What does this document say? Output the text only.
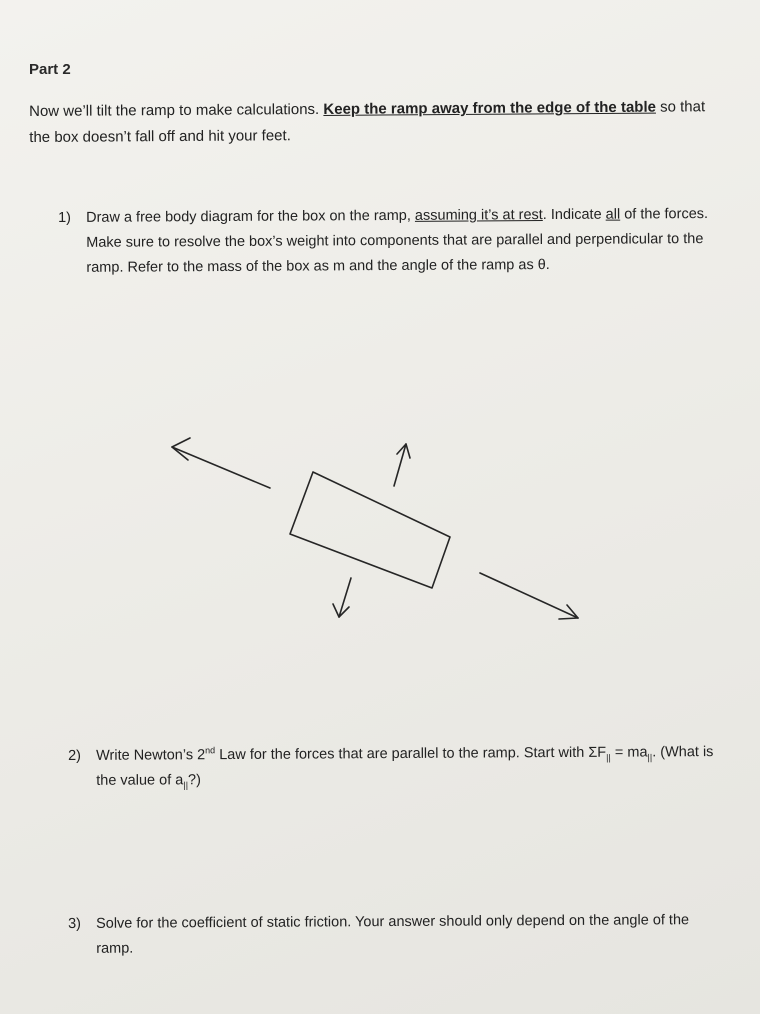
Part 2
Now we’ll tilt the ramp to make calculations. Keep the ramp away from the edge of the table so that the box doesn’t fall off and hit your feet.
1) Draw a free body diagram for the box on the ramp, assuming it’s at rest. Indicate all of the forces. Make sure to resolve the box’s weight into components that are parallel and perpendicular to the ramp. Refer to the mass of the box as m and the angle of the ramp as θ.
2) Write Newton’s 2nd Law for the forces that are parallel to the ramp. Start with $\Sigma F_{||} = ma_{||}$. (What is the value of $a_{||}$?)
3) Solve for the coefficient of static friction. Your answer should only depend on the angle of the ramp.
